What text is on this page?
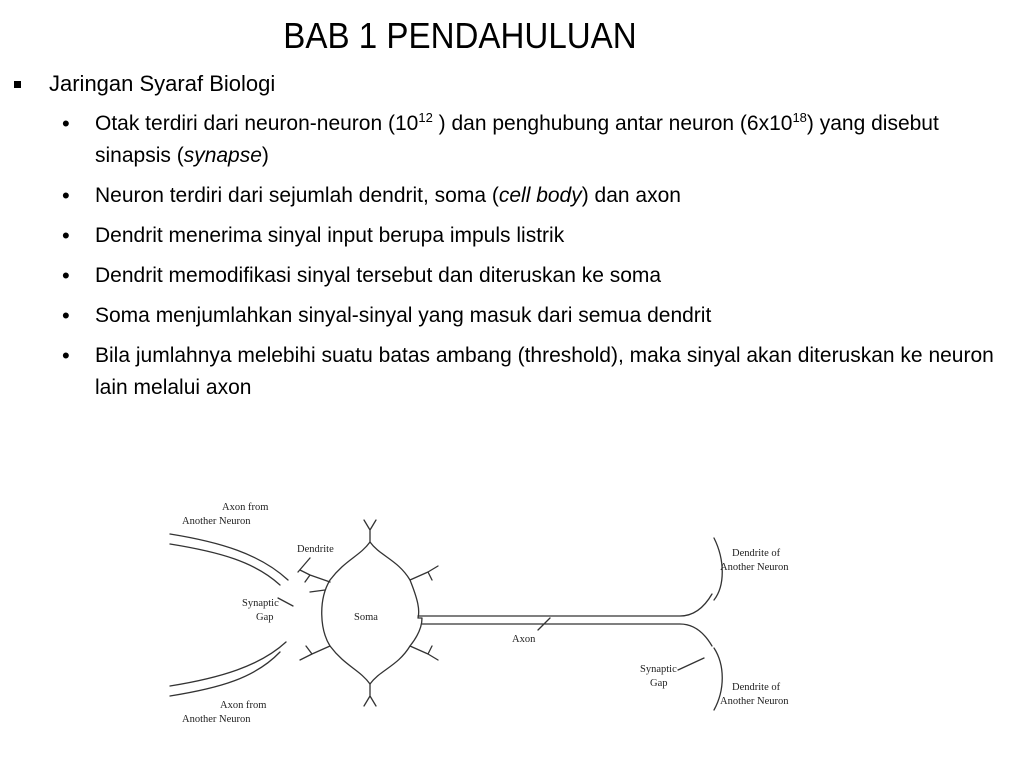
BAB 1 PENDAHULUAN
Jaringan Syaraf Biologi
• Otak terdiri dari neuron-neuron ($10^{12}$ ) dan penghubung antar neuron $(6x10^{18})$ yang disebut sinapsis (synapse)
• Neuron terdiri dari sejumlah dendrit, soma (cell body) dan axon
• Dendrit menerima sinyal input berupa impuls listrik
• Dendrit memodifikasi sinyal tersebut dan diteruskan ke soma
• Soma menjumlahkan sinyal-sinyal yang masuk dari semua dendrit
• Bila jumlahnya melebihi suatu batas ambang (threshold), maka sinyal akan diteruskan ke neuron lain melalui axon
Axon from
Another Neuron
Dendrite
Synaptic
Gap	Soma
Axon from
Another Neuron
Dendrite of
Another Neuron
Axon
Synaptic
Gap	Dendrite of
Another Neuron
